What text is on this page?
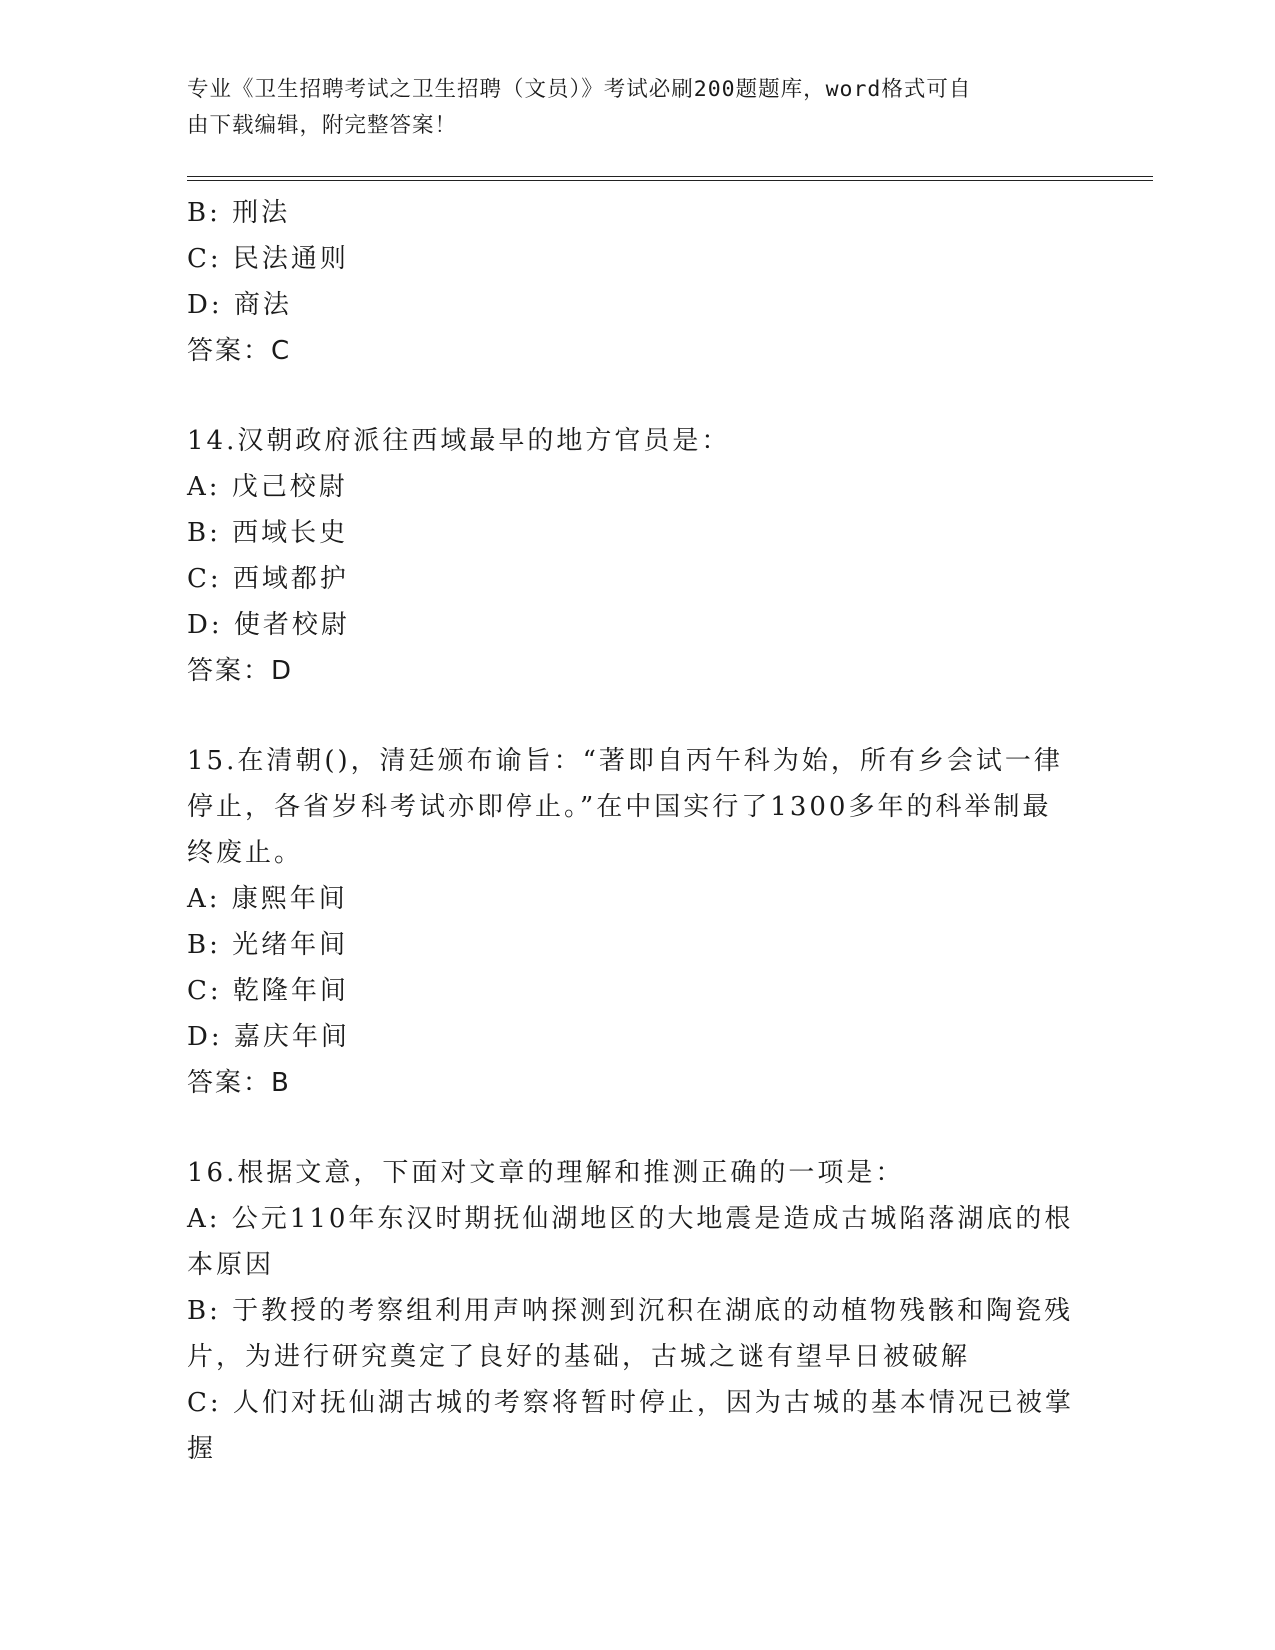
专业《卫生招聘考试之卫生招聘（文员）》考试必刷200题题库，word格式可自
由下载编辑，附完整答案！
B: 刑法
C: 民法通则
D: 商法
答案：C
14.汉朝政府派往西域最早的地方官员是：
A: 戊己校尉
B: 西域长史
C: 西域都护
D: 使者校尉
答案：D
15.在清朝()，清廷颁布谕旨：“著即自丙午科为始，所有乡会试一律
停止，各省岁科考试亦即停止。”在中国实行了1300多年的科举制最
终废止。
A: 康熙年间
B: 光绪年间
C: 乾隆年间
D: 嘉庆年间
答案：B
16.根据文意，下面对文章的理解和推测正确的一项是：
A: 公元110年东汉时期抚仙湖地区的大地震是造成古城陷落湖底的根
本原因
B: 于教授的考察组利用声呐探测到沉积在湖底的动植物残骸和陶瓷残
片，为进行研究奠定了良好的基础，古城之谜有望早日被破解
C: 人们对抚仙湖古城的考察将暂时停止，因为古城的基本情况已被掌
握
